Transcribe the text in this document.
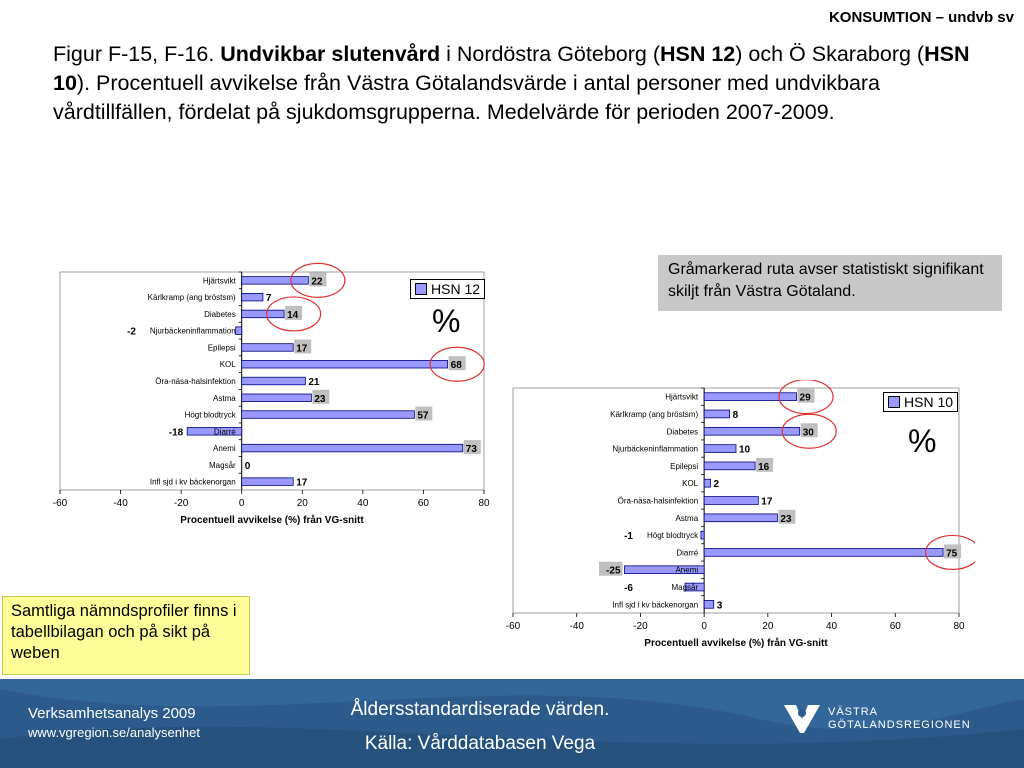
KONSUMTION – undvb sv
Figur F-15, F-16. Undvikbar slutenvård i Nordöstra Göteborg (HSN 12) och Ö Skaraborg (HSN 10). Procentuell avvikelse från Västra Götalandsvärde i antal personer med undvikbara vårdtillfällen, fördelat på sjukdomsgrupperna. Medelvärde för perioden 2007-2009.
-60	-40	-20	0	20	40	60	80
Procentuell avvikelse (%) från VG-snitt
Hjärtsvikt	22
Kärlkramp (ang bröstsm)	7
Diabetes	14
Njurbäckeninflammation
-2
Epilepsi	17
KOL	68
Öra-näsa-halsinfektion	21
Astma	23
Högt blodtryck	57
Diarré
-18
Anemi	73
Magsår 0
Infl sjd i kv bäckenorgan	17
HSN 12
%
Gråmarkerad ruta avser statistiskt signifikant skiljt från Västra Götaland.
-60	-40	-20	0	20	40	60	80
Procentuell avvikelse (%) från VG-snitt
Hjärtsvikt	29
Kärlkramp (ang bröstsm)	8
Diabetes	30
Njurbäckeninflammation	10
Epilepsi	16
KOL 2
Öra-näsa-halsinfektion	17
Astma	23
Högt blodtryck
-1
Diarré	75
Anemi
-25
Magsår
-6
Infl sjd i kv bäckenorgan 3
HSN 10
%
Samtliga nämndsprofiler finns i tabellbilagan och på sikt på weben
Verksamhetsanalys 2009
www.vgregion.se/analysenhet
Åldersstandardiserade värden.
Källa: Vårddatabasen Vega
VÄSTRA
GÖTALANDSREGIONEN
